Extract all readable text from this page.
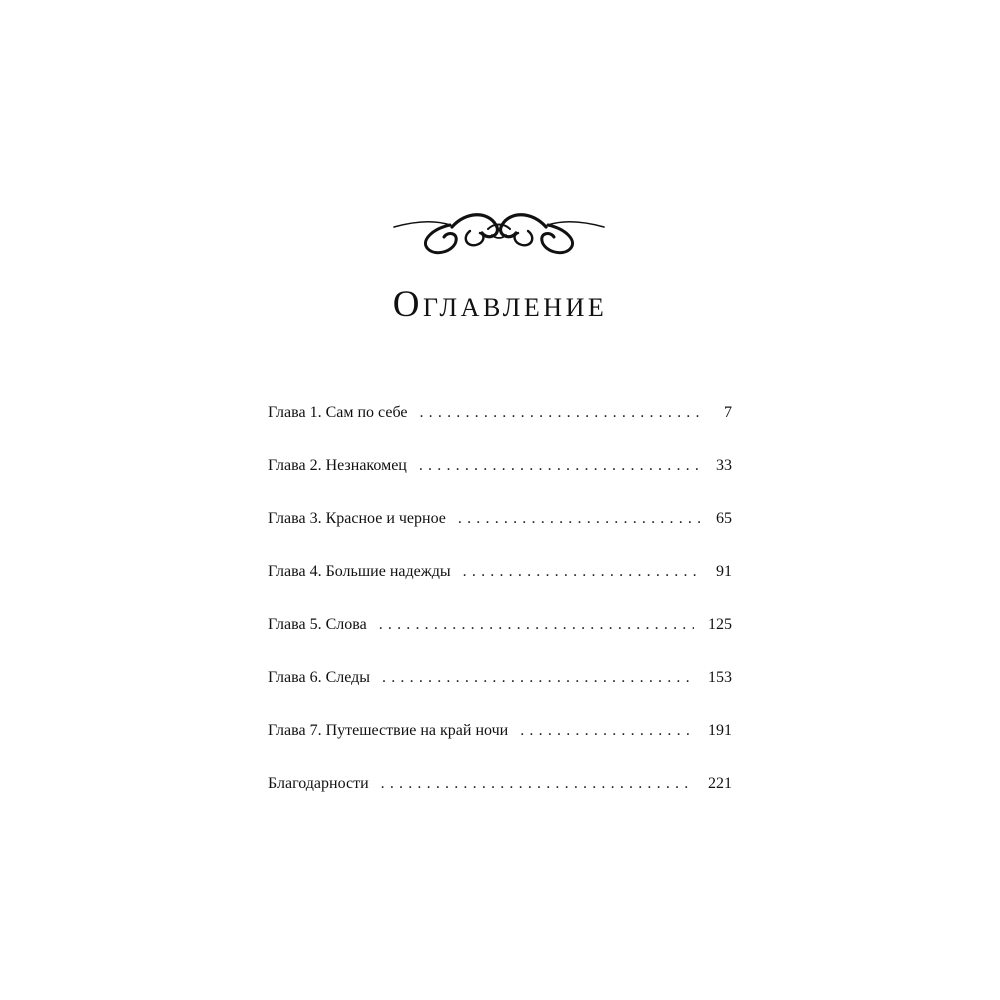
Оглавление
Глава 1. Сам по себе . . .	7
Глава 2. Незнакомец . . .	33
Глава 3. Красное и черное . . .	65
Глава 4. Большие надежды . . .	91
Глава 5. Слова . . .	125
Глава 6. Следы . . .	153
Глава 7. Путешествие на край ночи . . .	191
Благодарности . . .	221
